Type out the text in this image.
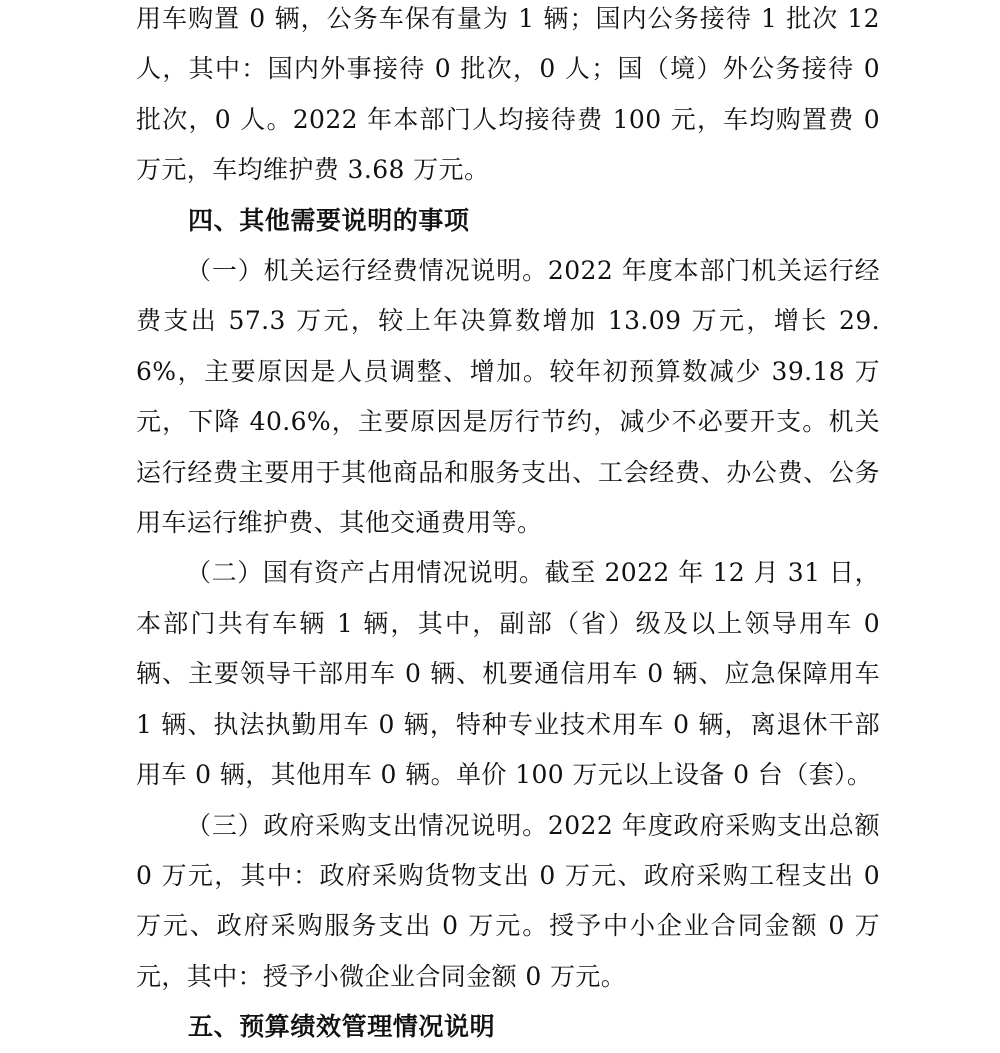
用车购置 0 辆，公务车保有量为 1 辆；国内公务接待 1 批次 12 人，其中：国内外事接待 0 批次，0 人；国（境）外公务接待 0 批次，0 人。2022 年本部门人均接待费 100 元，车均购置费 0 万元，车均维护费 3.68 万元。

四、其他需要说明的事项

（一）机关运行经费情况说明。2022 年度本部门机关运行经费支出 57.3 万元，较上年决算数增加 13.09 万元，增长 29.6%，主要原因是人员调整、增加。较年初预算数减少 39.18 万元，下降 40.6%，主要原因是厉行节约，减少不必要开支。机关运行经费主要用于其他商品和服务支出、工会经费、办公费、公务用车运行维护费、其他交通费用等。

（二）国有资产占用情况说明。截至 2022 年 12 月 31 日，本部门共有车辆 1 辆，其中，副部（省）级及以上领导用车 0 辆、主要领导干部用车 0 辆、机要通信用车 0 辆、应急保障用车 1 辆、执法执勤用车 0 辆，特种专业技术用车 0 辆，离退休干部用车 0 辆，其他用车 0 辆。单价 100 万元以上设备 0 台（套）。

（三）政府采购支出情况说明。2022 年度政府采购支出总额 0 万元，其中：政府采购货物支出 0 万元、政府采购工程支出 0 万元、政府采购服务支出 0 万元。授予中小企业合同金额 0 万元，其中：授予小微企业合同金额 0 万元。

五、预算绩效管理情况说明
